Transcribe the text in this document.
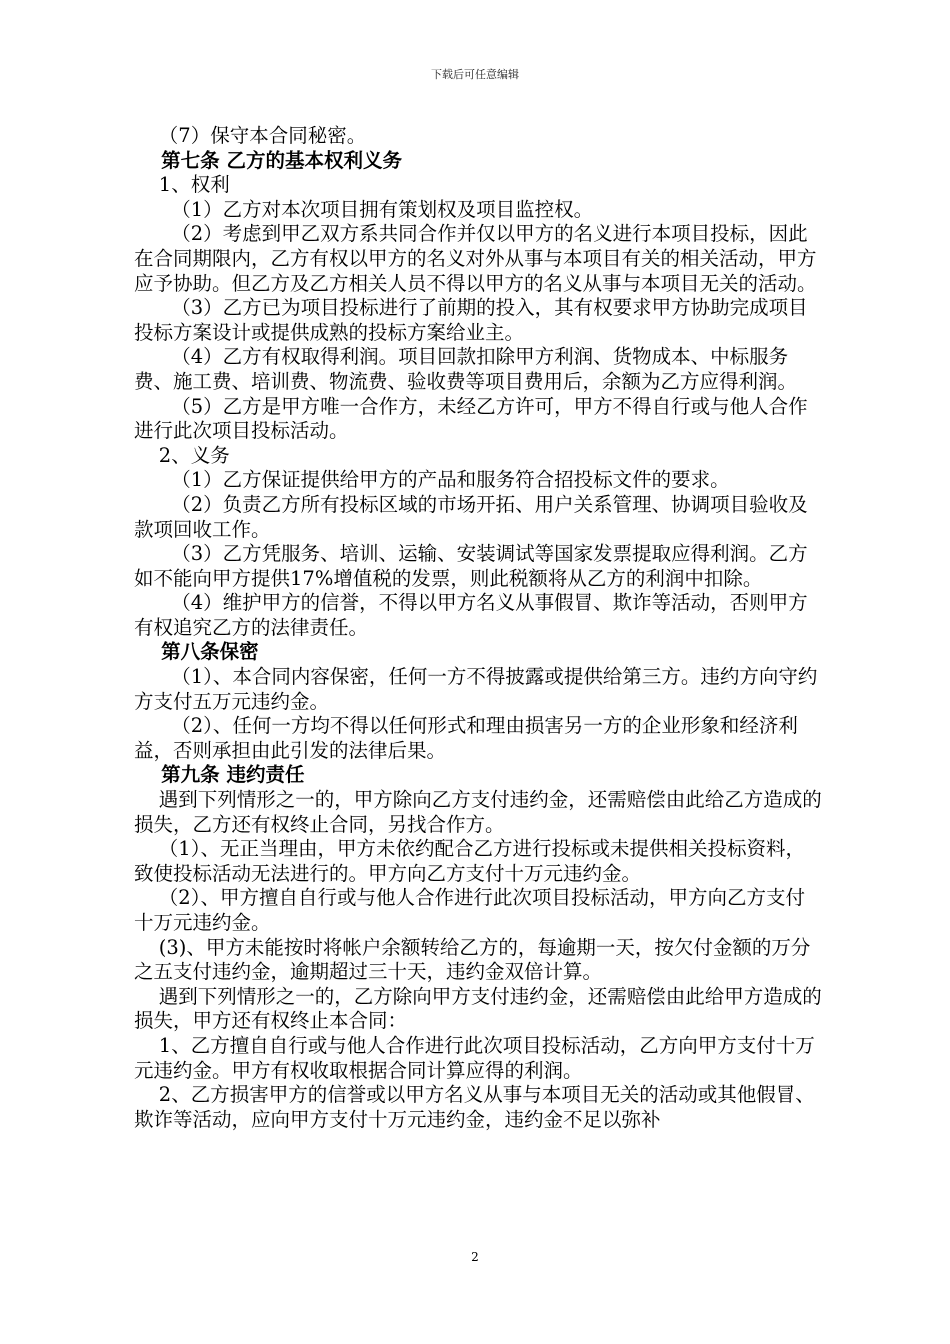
下载后可任意编辑

（7）保守本合同秘密。

第七条 乙方的基本权利义务

1、权利

（1）乙方对本次项目拥有策划权及项目监控权。

（2）考虑到甲乙双方系共同合作并仅以甲方的名义进行本项目投标，因此在合同期限内，乙方有权以甲方的名义对外从事与本项目有关的相关活动，甲方应予协助。但乙方及乙方相关人员不得以甲方的名义从事与本项目无关的活动。

（3）乙方已为项目投标进行了前期的投入，其有权要求甲方协助完成项目投标方案设计或提供成熟的投标方案给业主。

（4）乙方有权取得利润。项目回款扣除甲方利润、货物成本、中标服务费、施工费、培训费、物流费、验收费等项目费用后，余额为乙方应得利润。

（5）乙方是甲方唯一合作方，未经乙方许可，甲方不得自行或与他人合作进行此次项目投标活动。

2、义务

（1）乙方保证提供给甲方的产品和服务符合招投标文件的要求。

（2）负责乙方所有投标区域的市场开拓、用户关系管理、协调项目验收及款项回收工作。

（3）乙方凭服务、培训、运输、安装调试等国家发票提取应得利润。乙方如不能向甲方提供17%增值税的发票，则此税额将从乙方的利润中扣除。

（4）维护甲方的信誉，不得以甲方名义从事假冒、欺诈等活动，否则甲方有权追究乙方的法律责任。

第八条保密

（1）、本合同内容保密，任何一方不得披露或提供给第三方。违约方向守约方支付五万元违约金。

（2）、任何一方均不得以任何形式和理由损害另一方的企业形象和经济利益，否则承担由此引发的法律后果。

第九条 违约责任

遇到下列情形之一的，甲方除向乙方支付违约金，还需赔偿由此给乙方造成的损失，乙方还有权终止合同，另找合作方。

（1）、无正当理由，甲方未依约配合乙方进行投标或未提供相关投标资料，致使投标活动无法进行的。甲方向乙方支付十万元违约金。

（2）、甲方擅自自行或与他人合作进行此次项目投标活动，甲方向乙方支付十万元违约金。

(3)、甲方未能按时将帐户余额转给乙方的，每逾期一天，按欠付金额的万分之五支付违约金，逾期超过三十天，违约金双倍计算。

遇到下列情形之一的，乙方除向甲方支付违约金，还需赔偿由此给甲方造成的损失，甲方还有权终止本合同：

1、乙方擅自自行或与他人合作进行此次项目投标活动，乙方向甲方支付十万元违约金。甲方有权收取根据合同计算应得的利润。

2、乙方损害甲方的信誉或以甲方名义从事与本项目无关的活动或其他假冒、欺诈等活动，应向甲方支付十万元违约金，违约金不足以弥补

2
